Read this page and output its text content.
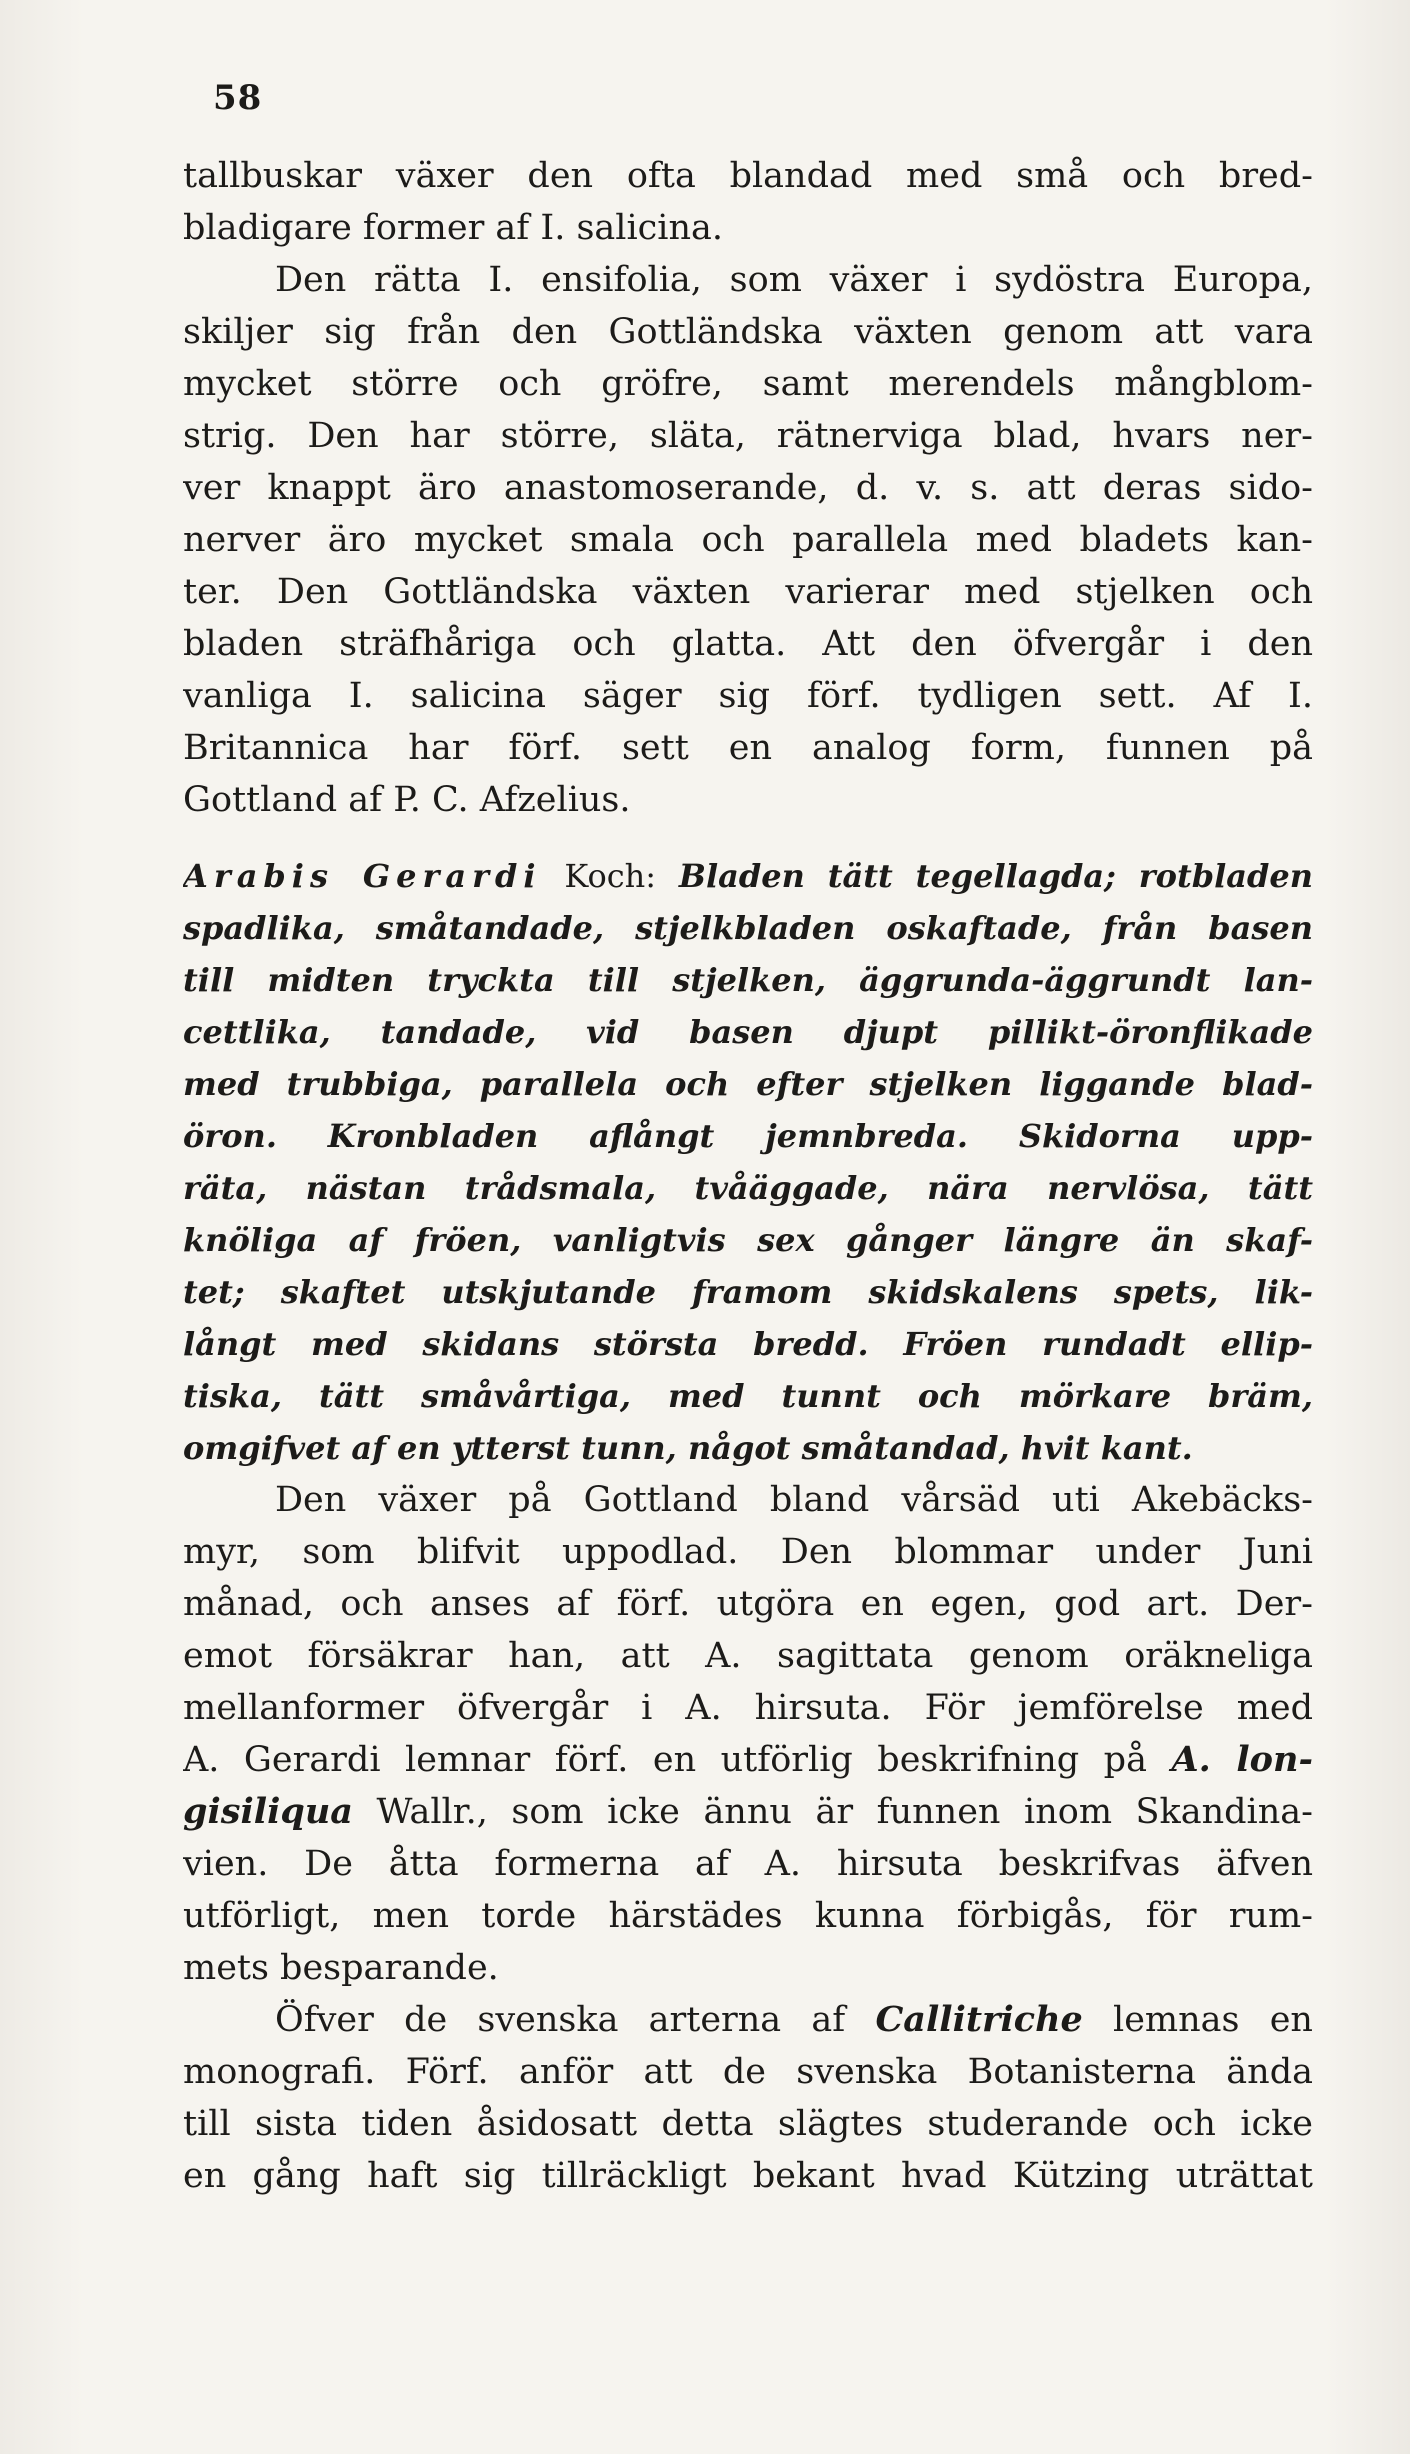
58
tallbuskar växer den ofta blandad med små och bred-
bladigare former af I. salicina.
Den rätta I. ensifolia, som växer i sydöstra Europa,
skiljer sig från den Gottländska växten genom att vara
mycket större och gröfre, samt merendels mångblom-
strig. Den har större, släta, rätnerviga blad, hvars ner-
ver knappt äro anastomoserande, d. v. s. att deras sido-
nerver äro mycket smala och parallela med bladets kan-
ter. Den Gottländska växten varierar med stjelken och
bladen sträfhåriga och glatta. Att den öfvergår i den
vanliga I. salicina säger sig förf. tydligen sett. Af I.
Britannica har förf. sett en analog form, funnen på
Gottland af P. C. Afzelius.
Arabis Gerardi Koch: Bladen tätt tegellagda; rotbladen
spadlika, småtandade, stjelkbladen oskaftade, från basen
till midten tryckta till stjelken, äggrunda-äggrundt lan-
cettlika, tandade, vid basen djupt pillikt-öronflikade
med trubbiga, parallela och efter stjelken liggande blad-
öron. Kronbladen aflångt jemnbreda. Skidorna upp-
räta, nästan trådsmala, tvåäggade, nära nervlösa, tätt
knöliga af fröen, vanligtvis sex gånger längre än skaf-
tet; skaftet utskjutande framom skidskalens spets, lik-
långt med skidans största bredd. Fröen rundadt ellip-
tiska, tätt småvårtiga, med tunnt och mörkare bräm,
omgifvet af en ytterst tunn, något småtandad, hvit kant.
Den växer på Gottland bland vårsäd uti Akebäcks-
myr, som blifvit uppodlad. Den blommar under Juni
månad, och anses af förf. utgöra en egen, god art. Der-
emot försäkrar han, att A. sagittata genom oräkneliga
mellanformer öfvergår i A. hirsuta. För jemförelse med
A. Gerardi lemnar förf. en utförlig beskrifning på A. lon-
gisiliqua Wallr., som icke ännu är funnen inom Skandina-
vien. De åtta formerna af A. hirsuta beskrifvas äfven
utförligt, men torde härstädes kunna förbigås, för rum-
mets besparande.
Öfver de svenska arterna af Callitriche lemnas en
monografi. Förf. anför att de svenska Botanisterna ända
till sista tiden åsidosatt detta slägtes studerande och icke
en gång haft sig tillräckligt bekant hvad Kützing uträttat
